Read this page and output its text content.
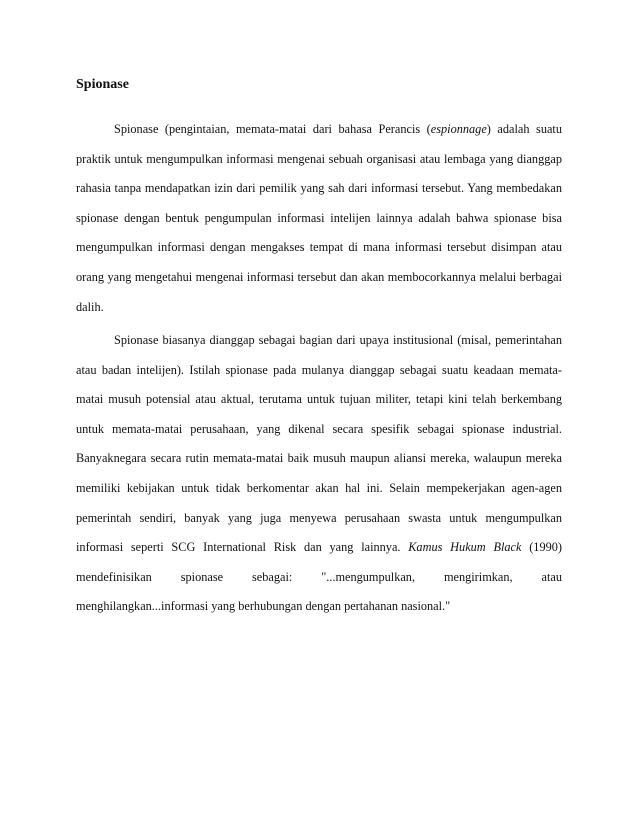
Spionase

Spionase (pengintaian, memata-matai dari bahasa Perancis (espionnage) adalah suatu praktik untuk mengumpulkan informasi mengenai sebuah organisasi atau lembaga yang dianggap rahasia tanpa mendapatkan izin dari pemilik yang sah dari informasi tersebut. Yang membedakan spionase dengan bentuk pengumpulan informasi intelijen lainnya adalah bahwa spionase bisa mengumpulkan informasi dengan mengakses tempat di mana informasi tersebut disimpan atau orang yang mengetahui mengenai informasi tersebut dan akan membocorkannya melalui berbagai dalih.

Spionase biasanya dianggap sebagai bagian dari upaya institusional (misal, pemerintahan atau badan intelijen). Istilah spionase pada mulanya dianggap sebagai suatu keadaan memata-matai musuh potensial atau aktual, terutama untuk tujuan militer, tetapi kini telah berkembang untuk memata-matai perusahaan, yang dikenal secara spesifik sebagai spionase industrial. Banyaknegara secara rutin memata-matai baik musuh maupun aliansi mereka, walaupun mereka memiliki kebijakan untuk tidak berkomentar akan hal ini. Selain mempekerjakan agen-agen pemerintah sendiri, banyak yang juga menyewa perusahaan swasta untuk mengumpulkan informasi seperti SCG International Risk dan yang lainnya. Kamus Hukum Black (1990) mendefinisikan spionase sebagai: "...mengumpulkan, mengirimkan, atau menghilangkan...informasi yang berhubungan dengan pertahanan nasional."
